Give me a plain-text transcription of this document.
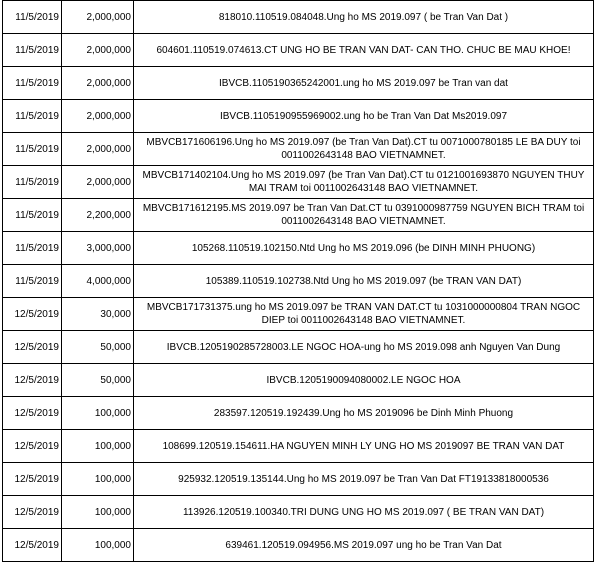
11/5/2019	2,000,000	818010.110519.084048.Ung ho MS 2019.097 ( be Tran Van Dat )
11/5/2019	2,000,000	604601.110519.074613.CT UNG HO BE TRAN VAN DAT- CAN THO. CHUC BE MAU KHOE!
11/5/2019	2,000,000	IBVCB.1105190365242001.ung ho MS 2019.097 be Tran van dat
11/5/2019	2,000,000	IBVCB.1105190955969002.ung ho be Tran Van Dat Ms2019.097
11/5/2019	2,000,000	MBVCB171606196.Ung ho MS 2019.097 (be Tran Van Dat).CT tu 0071000780185 LE BA DUY toi 0011002643148 BAO VIETNAMNET.
11/5/2019	2,000,000	MBVCB171402104.Ung ho MS 2019.097 (be Tran Van Dat).CT tu 0121001693870 NGUYEN THUY MAI TRAM toi 0011002643148 BAO VIETNAMNET.
11/5/2019	2,200,000	MBVCB171612195.MS 2019.097 be Tran Van Dat.CT tu 0391000987759 NGUYEN BICH TRAM toi 0011002643148 BAO VIETNAMNET.
11/5/2019	3,000,000	105268.110519.102150.Ntd Ung ho MS 2019.096 (be DINH MINH PHUONG)
11/5/2019	4,000,000	105389.110519.102738.Ntd Ung ho MS 2019.097 (be TRAN VAN DAT)
12/5/2019	30,000	MBVCB171731375.ung ho MS 2019.097 be TRAN VAN DAT.CT tu 1031000000804 TRAN NGOC DIEP toi 0011002643148 BAO VIETNAMNET.
12/5/2019	50,000	IBVCB.1205190285728003.LE NGOC HOA-ung ho MS 2019.098 anh Nguyen Van Dung
12/5/2019	50,000	IBVCB.1205190094080002.LE NGOC HOA
12/5/2019	100,000	283597.120519.192439.Ung ho MS 2019096 be Dinh Minh Phuong
12/5/2019	100,000	108699.120519.154611.HA NGUYEN MINH LY UNG HO MS 2019097 BE TRAN VAN DAT
12/5/2019	100,000	925932.120519.135144.Ung ho MS 2019.097 be Tran Van Dat FT19133818000536
12/5/2019	100,000	113926.120519.100340.TRI DUNG UNG HO MS 2019.097 ( BE TRAN VAN DAT)
12/5/2019	100,000	639461.120519.094956.MS 2019.097 ung ho be Tran Van Dat
